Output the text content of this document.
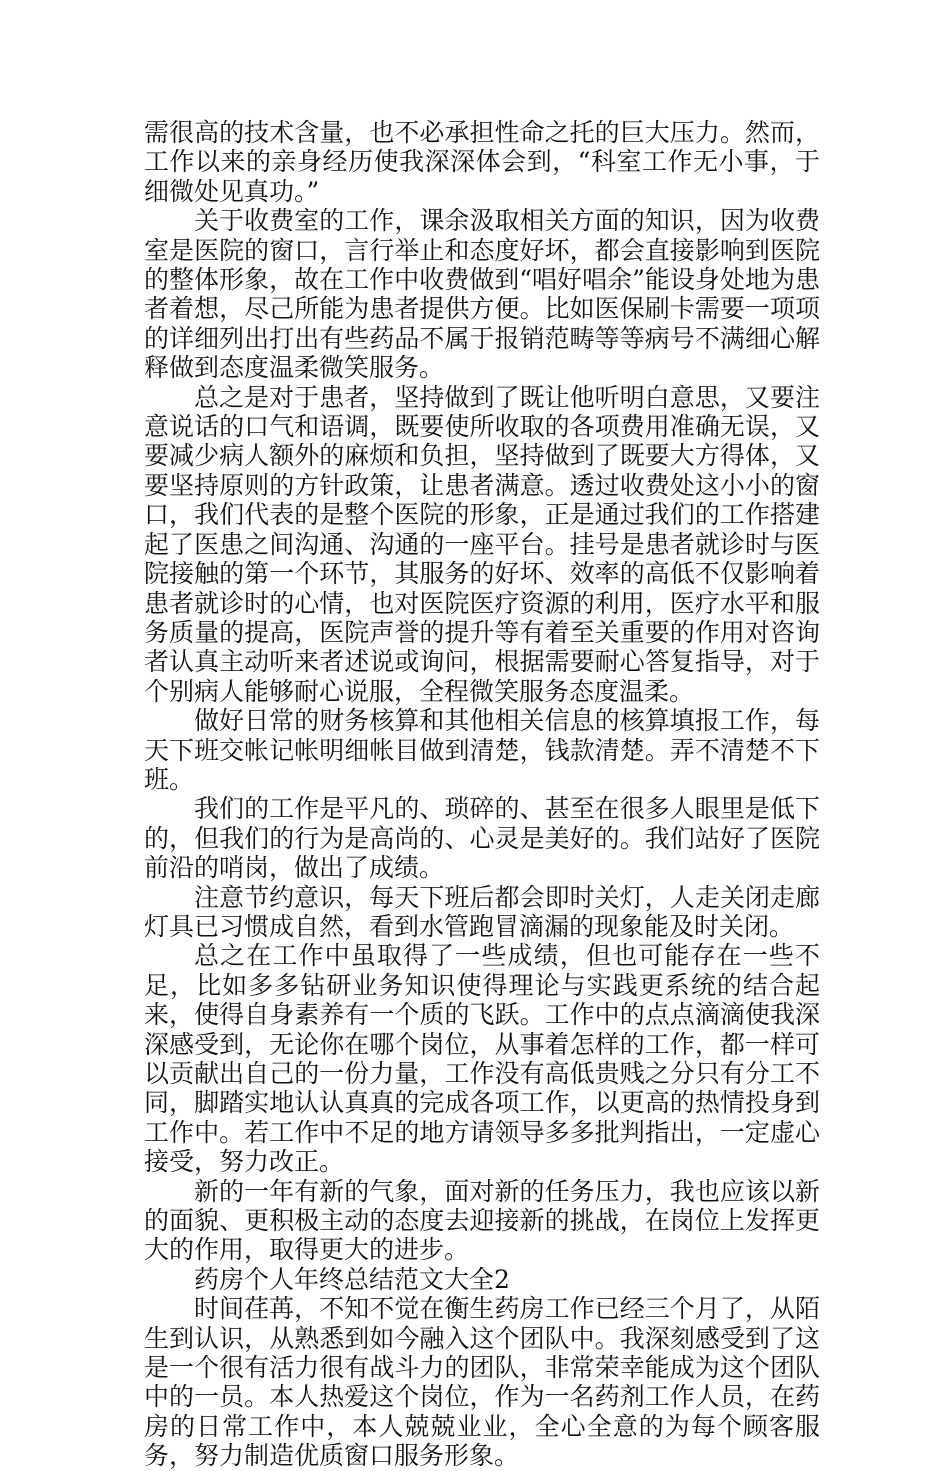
需很高的技术含量，也不必承担性命之托的巨大压力。然而，工作以来的亲身经历使我深深体会到，“科室工作无小事，于细微处见真功。”

关于收费室的工作，课余汲取相关方面的知识，因为收费室是医院的窗口，言行举止和态度好坏，都会直接影响到医院的整体形象，故在工作中收费做到“唱好唱余”能设身处地为患者着想，尽己所能为患者提供方便。比如医保刷卡需要一项项的详细列出打出有些药品不属于报销范畴等等病号不满细心解释做到态度温柔微笑服务。

总之是对于患者，坚持做到了既让他听明白意思，又要注意说话的口气和语调，既要使所收取的各项费用准确无误，又要减少病人额外的麻烦和负担，坚持做到了既要大方得体，又要坚持原则的方针政策，让患者满意。透过收费处这小小的窗口，我们代表的是整个医院的形象，正是通过我们的工作搭建起了医患之间沟通、沟通的一座平台。挂号是患者就诊时与医院接触的第一个环节，其服务的好坏、效率的高低不仅影响着患者就诊时的心情，也对医院医疗资源的利用，医疗水平和服务质量的提高，医院声誉的提升等有着至关重要的作用对咨询者认真主动听来者述说或询问，根据需要耐心答复指导，对于个别病人能够耐心说服，全程微笑服务态度温柔。

做好日常的财务核算和其他相关信息的核算填报工作，每天下班交帐记帐明细帐目做到清楚，钱款清楚。弄不清楚不下班。

我们的工作是平凡的、琐碎的、甚至在很多人眼里是低下的，但我们的行为是高尚的、心灵是美好的。我们站好了医院前沿的哨岗，做出了成绩。

注意节约意识，每天下班后都会即时关灯，人走关闭走廊灯具已习惯成自然，看到水管跑冒滴漏的现象能及时关闭。

总之在工作中虽取得了一些成绩，但也可能存在一些不足，比如多多钻研业务知识使得理论与实践更系统的结合起来，使得自身素养有一个质的飞跃。工作中的点点滴滴使我深深感受到，无论你在哪个岗位，从事着怎样的工作，都一样可以贡献出自己的一份力量，工作没有高低贵贱之分只有分工不同，脚踏实地认认真真的完成各项工作，以更高的热情投身到工作中。若工作中不足的地方请领导多多批判指出，一定虚心接受，努力改正。

新的一年有新的气象，面对新的任务压力，我也应该以新的面貌、更积极主动的态度去迎接新的挑战，在岗位上发挥更大的作用，取得更大的进步。

药房个人年终总结范文大全2

时间荏苒，不知不觉在衡生药房工作已经三个月了，从陌生到认识，从熟悉到如今融入这个团队中。我深刻感受到了这是一个很有活力很有战斗力的团队，非常荣幸能成为这个团队中的一员。本人热爱这个岗位，作为一名药剂工作人员，在药房的日常工作中，本人兢兢业业，全心全意的为每个顾客服务，努力制造优质窗口服务形象。
